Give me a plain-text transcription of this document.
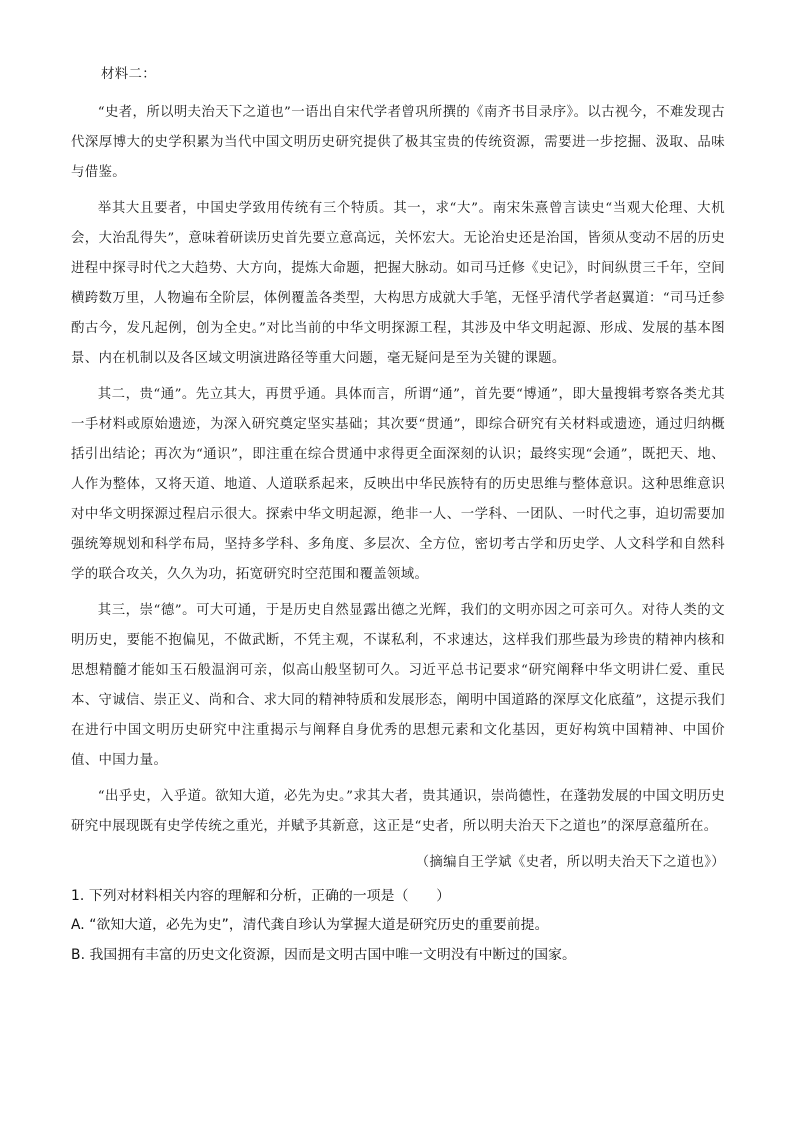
材料二：

“史者，所以明夫治天下之道也”一语出自宋代学者曾巩所撰的《南齐书目录序》。以古视今，不难发现古代深厚博大的史学积累为当代中国文明历史研究提供了极其宝贵的传统资源，需要进一步挖掘、汲取、品味与借鉴。

举其大且要者，中国史学致用传统有三个特质。其一，求“大”。南宋朱熹曾言读史“当观大伦理、大机会，大治乱得失”，意味着研读历史首先要立意高远，关怀宏大。无论治史还是治国，皆须从变动不居的历史进程中探寻时代之大趋势、大方向，提炼大命题，把握大脉动。如司马迁修《史记》，时间纵贯三千年，空间横跨数万里，人物遍布全阶层，体例覆盖各类型，大构思方成就大手笔，无怪乎清代学者赵翼道：“司马迁参酌古今，发凡起例，创为全史。”对比当前的中华文明探源工程，其涉及中华文明起源、形成、发展的基本图景、内在机制以及各区域文明演进路径等重大问题，毫无疑问是至为关键的课题。

其二，贵“通”。先立其大，再贯乎通。具体而言，所谓“通”，首先要“博通”，即大量搜辑考察各类尤其一手材料或原始遗迹，为深入研究奠定坚实基础；其次要“贯通”，即综合研究有关材料或遗迹，通过归纳概括引出结论；再次为“通识”，即注重在综合贯通中求得更全面深刻的认识；最终实现“会通”，既把天、地、人作为整体，又将天道、地道、人道联系起来，反映出中华民族特有的历史思维与整体意识。这种思维意识对中华文明探源过程启示很大。探索中华文明起源，绝非一人、一学科、一团队、一时代之事，迫切需要加强统筹规划和科学布局，坚持多学科、多角度、多层次、全方位，密切考古学和历史学、人文科学和自然科学的联合攻关，久久为功，拓宽研究时空范围和覆盖领域。

其三，崇“德”。可大可通，于是历史自然显露出德之光辉，我们的文明亦因之可亲可久。对待人类的文明历史，要能不抱偏见，不做武断，不凭主观，不谋私利，不求速达，这样我们那些最为珍贵的精神内核和思想精髓才能如玉石般温润可亲，似高山般坚韧可久。习近平总书记要求“研究阐释中华文明讲仁爱、重民本、守诚信、崇正义、尚和合、求大同的精神特质和发展形态，阐明中国道路的深厚文化底蕴”，这提示我们在进行中国文明历史研究中注重揭示与阐释自身优秀的思想元素和文化基因，更好构筑中国精神、中国价值、中国力量。

“出乎史，入乎道。欲知大道，必先为史。”求其大者，贵其通识，崇尚德性，在蓬勃发展的中国文明历史研究中展现既有史学传统之重光，并赋予其新意，这正是“史者，所以明夫治天下之道也”的深厚意蕴所在。

（摘编自王学斌《史者，所以明夫治天下之道也》）
1. 下列对材料相关内容的理解和分析，正确的一项是（　　）
A. “欲知大道，必先为史”，清代龚自珍认为掌握大道是研究历史的重要前提。
B. 我国拥有丰富的历史文化资源，因而是文明古国中唯一文明没有中断过的国家。
